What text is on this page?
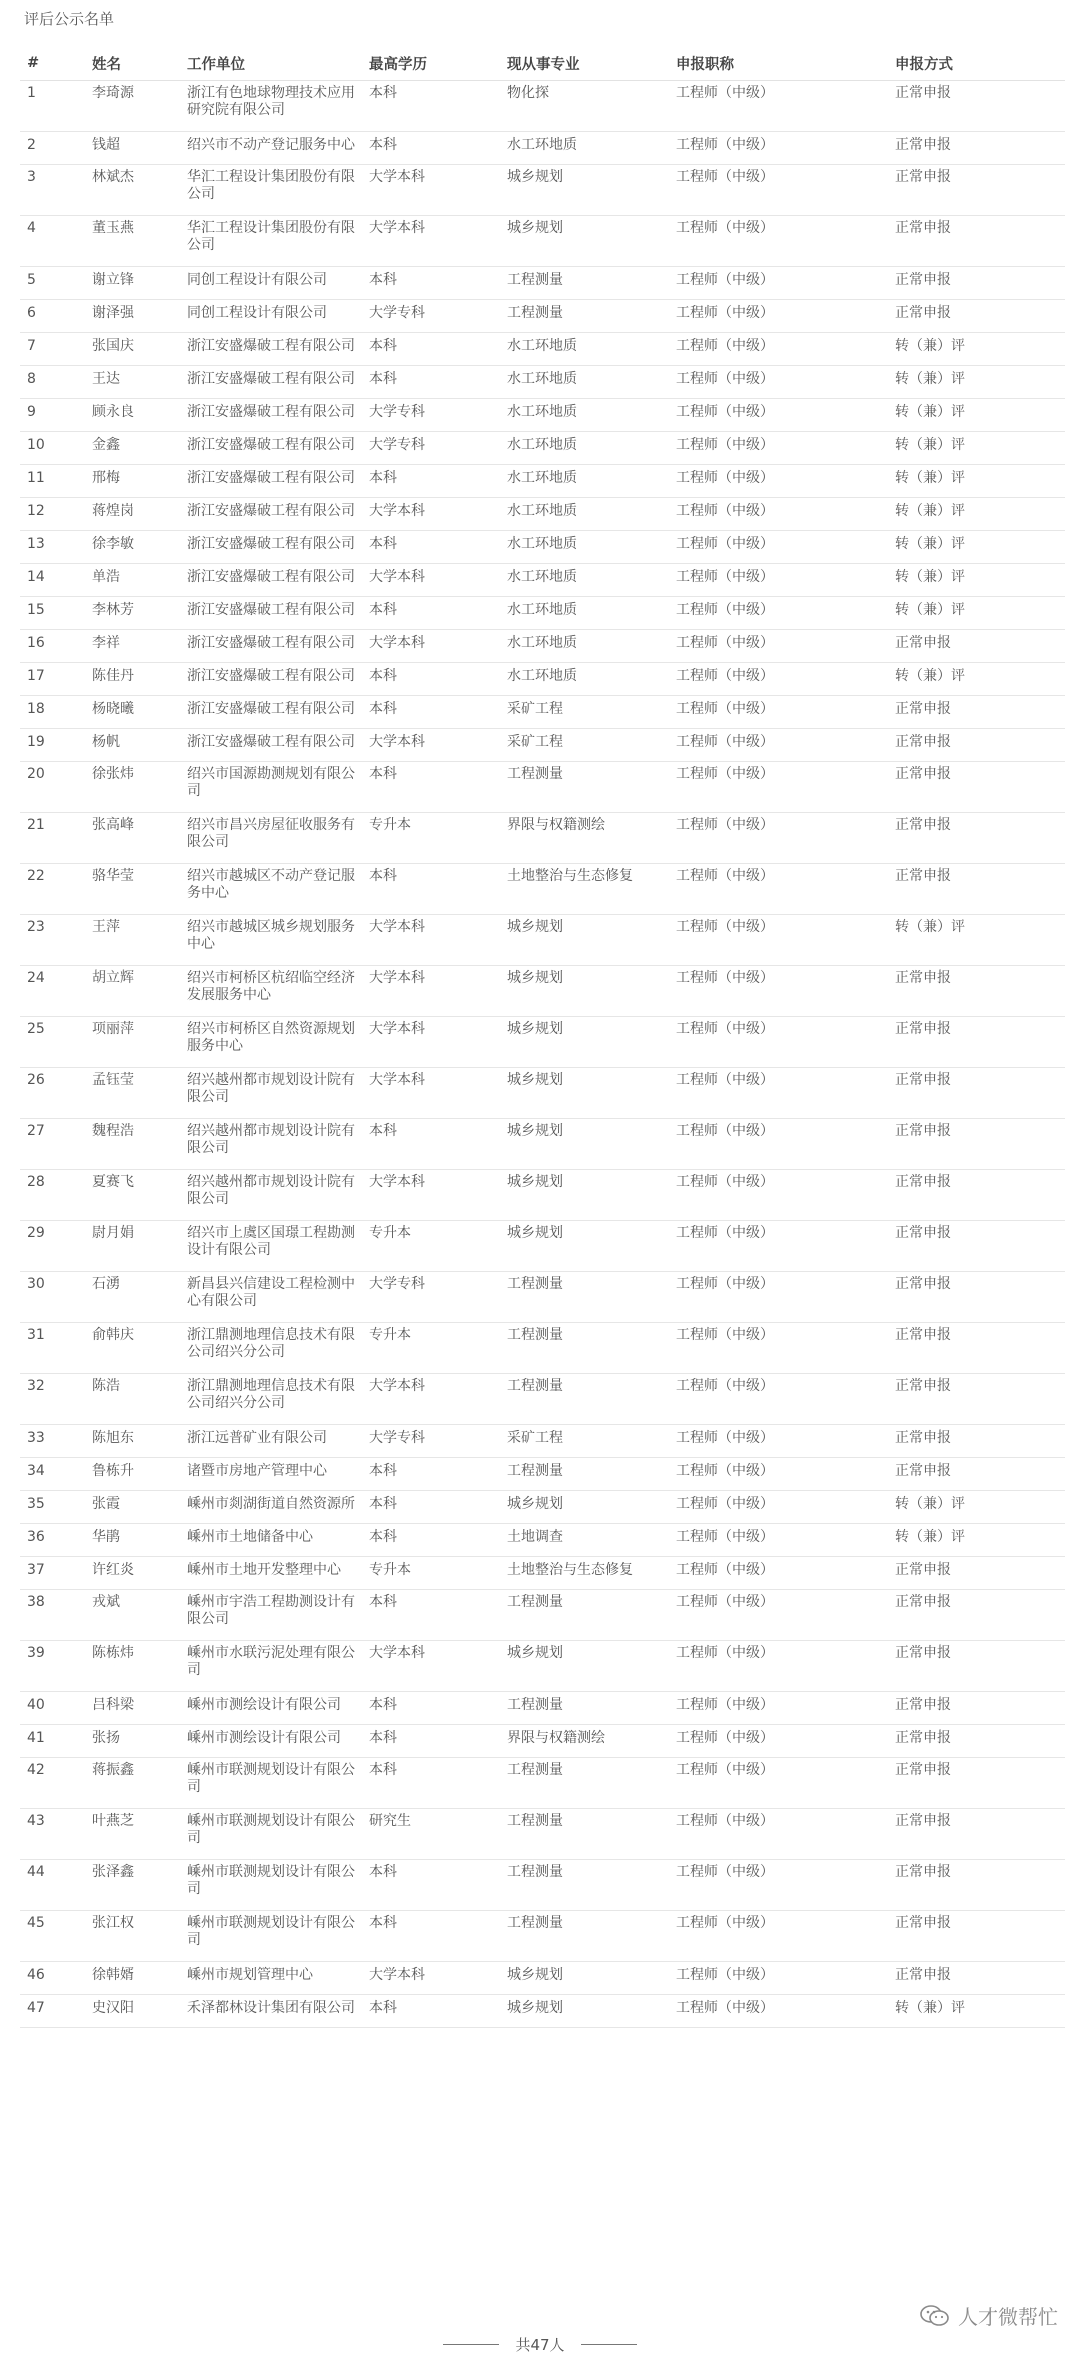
评后公示名单
#	姓名	工作单位	最高学历	现从事专业	申报职称	申报方式
1	李琦源	浙江有色地球物理技术应用研究院有限公司	本科	物化探	工程师（中级）	正常申报
2	钱超	绍兴市不动产登记服务中心	本科	水工环地质	工程师（中级）	正常申报
3	林斌杰	华汇工程设计集团股份有限公司	大学本科	城乡规划	工程师（中级）	正常申报
4	董玉燕	华汇工程设计集团股份有限公司	大学本科	城乡规划	工程师（中级）	正常申报
5	谢立锋	同创工程设计有限公司	本科	工程测量	工程师（中级）	正常申报
6	谢泽强	同创工程设计有限公司	大学专科	工程测量	工程师（中级）	正常申报
7	张国庆	浙江安盛爆破工程有限公司	本科	水工环地质	工程师（中级）	转（兼）评
8	王达	浙江安盛爆破工程有限公司	本科	水工环地质	工程师（中级）	转（兼）评
9	顾永良	浙江安盛爆破工程有限公司	大学专科	水工环地质	工程师（中级）	转（兼）评
10	金鑫	浙江安盛爆破工程有限公司	大学专科	水工环地质	工程师（中级）	转（兼）评
11	邢梅	浙江安盛爆破工程有限公司	本科	水工环地质	工程师（中级）	转（兼）评
12	蒋煌岗	浙江安盛爆破工程有限公司	大学本科	水工环地质	工程师（中级）	转（兼）评
13	徐李敏	浙江安盛爆破工程有限公司	本科	水工环地质	工程师（中级）	转（兼）评
14	单浩	浙江安盛爆破工程有限公司	大学本科	水工环地质	工程师（中级）	转（兼）评
15	李林芳	浙江安盛爆破工程有限公司	本科	水工环地质	工程师（中级）	转（兼）评
16	李祥	浙江安盛爆破工程有限公司	大学本科	水工环地质	工程师（中级）	正常申报
17	陈佳丹	浙江安盛爆破工程有限公司	本科	水工环地质	工程师（中级）	转（兼）评
18	杨晓曦	浙江安盛爆破工程有限公司	本科	采矿工程	工程师（中级）	正常申报
19	杨帆	浙江安盛爆破工程有限公司	大学本科	采矿工程	工程师（中级）	正常申报
20	徐张炜	绍兴市国源勘测规划有限公司	本科	工程测量	工程师（中级）	正常申报
21	张高峰	绍兴市昌兴房屋征收服务有限公司	专升本	界限与权籍测绘	工程师（中级）	正常申报
22	骆华莹	绍兴市越城区不动产登记服务中心	本科	土地整治与生态修复	工程师（中级）	正常申报
23	王萍	绍兴市越城区城乡规划服务中心	大学本科	城乡规划	工程师（中级）	转（兼）评
24	胡立辉	绍兴市柯桥区杭绍临空经济发展服务中心	大学本科	城乡规划	工程师（中级）	正常申报
25	项丽萍	绍兴市柯桥区自然资源规划服务中心	大学本科	城乡规划	工程师（中级）	正常申报
26	孟钰莹	绍兴越州都市规划设计院有限公司	大学本科	城乡规划	工程师（中级）	正常申报
27	魏程浩	绍兴越州都市规划设计院有限公司	本科	城乡规划	工程师（中级）	正常申报
28	夏赛飞	绍兴越州都市规划设计院有限公司	大学本科	城乡规划	工程师（中级）	正常申报
29	尉月娟	绍兴市上虞区国璟工程勘测设计有限公司	专升本	城乡规划	工程师（中级）	正常申报
30	石湧	新昌县兴信建设工程检测中心有限公司	大学专科	工程测量	工程师（中级）	正常申报
31	俞韩庆	浙江鼎测地理信息技术有限公司绍兴分公司	专升本	工程测量	工程师（中级）	正常申报
32	陈浩	浙江鼎测地理信息技术有限公司绍兴分公司	大学本科	工程测量	工程师（中级）	正常申报
33	陈旭东	浙江远普矿业有限公司	大学专科	采矿工程	工程师（中级）	正常申报
34	鲁栋升	诸暨市房地产管理中心	本科	工程测量	工程师（中级）	正常申报
35	张霞	嵊州市剡湖街道自然资源所	本科	城乡规划	工程师（中级）	转（兼）评
36	华鹃	嵊州市土地储备中心	本科	土地调查	工程师（中级）	转（兼）评
37	许红炎	嵊州市土地开发整理中心	专升本	土地整治与生态修复	工程师（中级）	正常申报
38	戎斌	嵊州市宇浩工程勘测设计有限公司	本科	工程测量	工程师（中级）	正常申报
39	陈栋炜	嵊州市水联污泥处理有限公司	大学本科	城乡规划	工程师（中级）	正常申报
40	吕科梁	嵊州市测绘设计有限公司	本科	工程测量	工程师（中级）	正常申报
41	张扬	嵊州市测绘设计有限公司	本科	界限与权籍测绘	工程师（中级）	正常申报
42	蒋振鑫	嵊州市联测规划设计有限公司	本科	工程测量	工程师（中级）	正常申报
43	叶燕芝	嵊州市联测规划设计有限公司	研究生	工程测量	工程师（中级）	正常申报
44	张泽鑫	嵊州市联测规划设计有限公司	本科	工程测量	工程师（中级）	正常申报
45	张江权	嵊州市联测规划设计有限公司	本科	工程测量	工程师（中级）	正常申报
46	徐韩婿	嵊州市规划管理中心	大学本科	城乡规划	工程师（中级）	正常申报
47	史汉阳	禾泽都林设计集团有限公司	本科	城乡规划	工程师（中级）	转（兼）评
共47人
人才微帮忙
